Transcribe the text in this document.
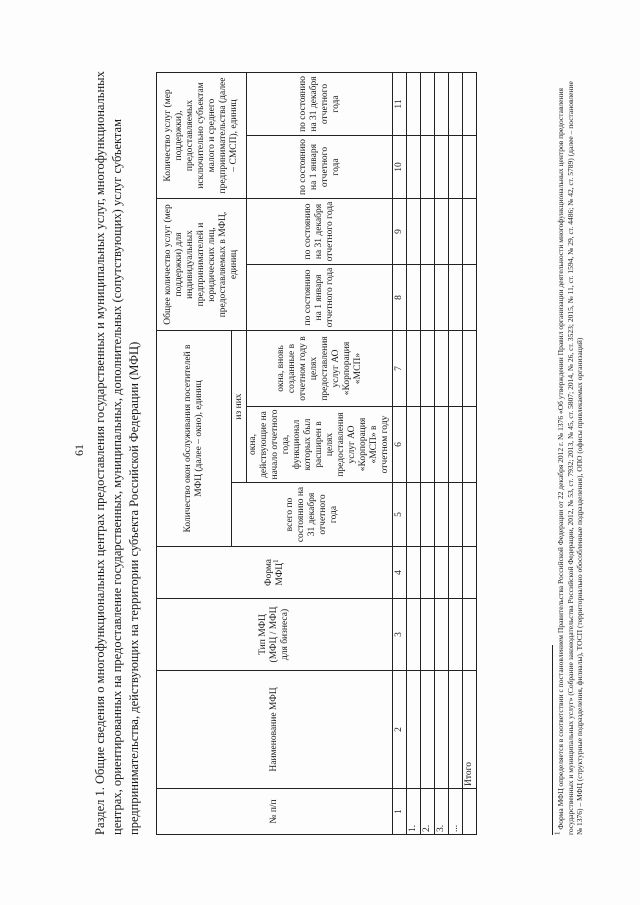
61 Раздел 1. Общие сведения о многофункциональных центрах предоставления государственных и муниципальных услуг, многофункциональных центрах, ориентированных на предоставление государственных, муниципальных, дополнительных (сопутствующих) услуг субъектам предпринимательства, действующих на территории субъекта Российской Федерации (МФЦ)	№ п/п	Наименование МФЦ	Тип МФЦ (МФЦ / МФЦ для бизнеса)	Форма МФЦ$^1$	Количество окон обслуживания посетителей в МФЦ (далее – окно), единиц			Общее количество услуг (мер поддержки) для индивидуальных предпринимателей и юридических лиц, предоставляемых в МФЦ, единиц		Количество услуг (мер поддержки), предоставляемых исключительно субъектам малого и среднего предпринимательства (далее – СМСП), единиц	
				всего по состоянию на 31 декабря отчетного года	из них					
					окна, действующие на начало отчетного года, функционал которых был расширен в целях предоставления услуг АО «Корпорация «МСП» в отчетном году	окна, вновь созданные в отчетном году в целях предоставления услуг АО «Корпорация «МСП»	по состоянию на 1 января отчетного года	по состоянию на 31 декабря отчетного года	по состоянию на 1 января отчетного года	по состоянию на 31 декабря отчетного года
1	2	3	4	5	6	7	8	9	10	11
1.										
2.										
3.										
...										
	Итого									
$^1$ Форма МФЦ определяется в соответствии с постановлением Правительства Российской Федерации от 22 декабря 2012 г. № 1376 «Об утверждении Правил организации деятельности многофункциональных центров предоставления государственных и муниципальных услуг» (Собрание законодательства Российской Федерации, 2012, № 53, ст. 7932; 2013, № 45, ст. 5807; 2014, № 26, ст. 3523; 2015, № 11, ст. 1594, № 29, ст. 4486; № 42, ст. 5789) (далее – постановление № 1376) – МФЦ (структурные подразделения, филиалы), ТОСП (территориально обособленные подразделения), ОПО (офисы привлекаемых организаций)
